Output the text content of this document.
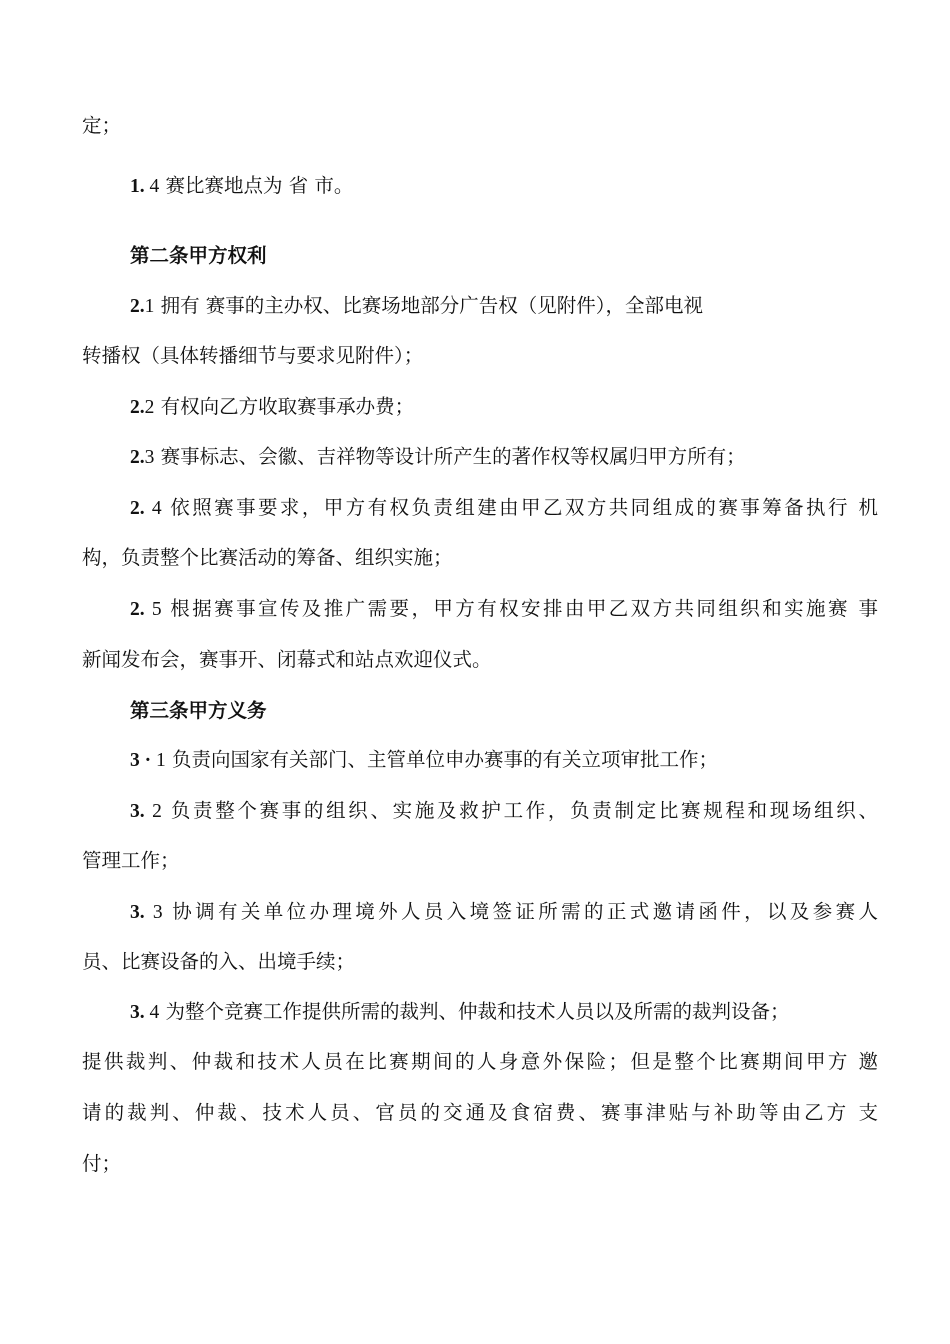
定；
1. 4 赛比赛地点为 省 市。
第二条甲方权利
2.1 拥有 赛事的主办权、比赛场地部分广告权（见附件），全部电视
转播权（具体转播细节与要求见附件）；
2.2 有权向乙方收取赛事承办费；
2.3 赛事标志、会徽、吉祥物等设计所产生的著作权等权属归甲方所有；
2. 4 依照赛事要求，甲方有权负责组建由甲乙双方共同组成的赛事筹备执行 机
构，负责整个比赛活动的筹备、组织实施；
2. 5 根据赛事宣传及推广需要，甲方有权安排由甲乙双方共同组织和实施赛 事
新闻发布会，赛事开、闭幕式和站点欢迎仪式。
第三条甲方义务
3 · 1 负责向国家有关部门、主管单位申办赛事的有关立项审批工作；
3. 2 负责整个赛事的组织、实施及救护工作，负责制定比赛规程和现场组织、
管理工作；
3. 3 协调有关单位办理境外人员入境签证所需的正式邀请函件，以及参赛人
员、比赛设备的入、出境手续；
3. 4 为整个竞赛工作提供所需的裁判、仲裁和技术人员以及所需的裁判设备；
提供裁判、仲裁和技术人员在比赛期间的人身意外保险；但是整个比赛期间甲方 邀
请的裁判、仲裁、技术人员、官员的交通及食宿费、赛事津贴与补助等由乙方 支
付；
